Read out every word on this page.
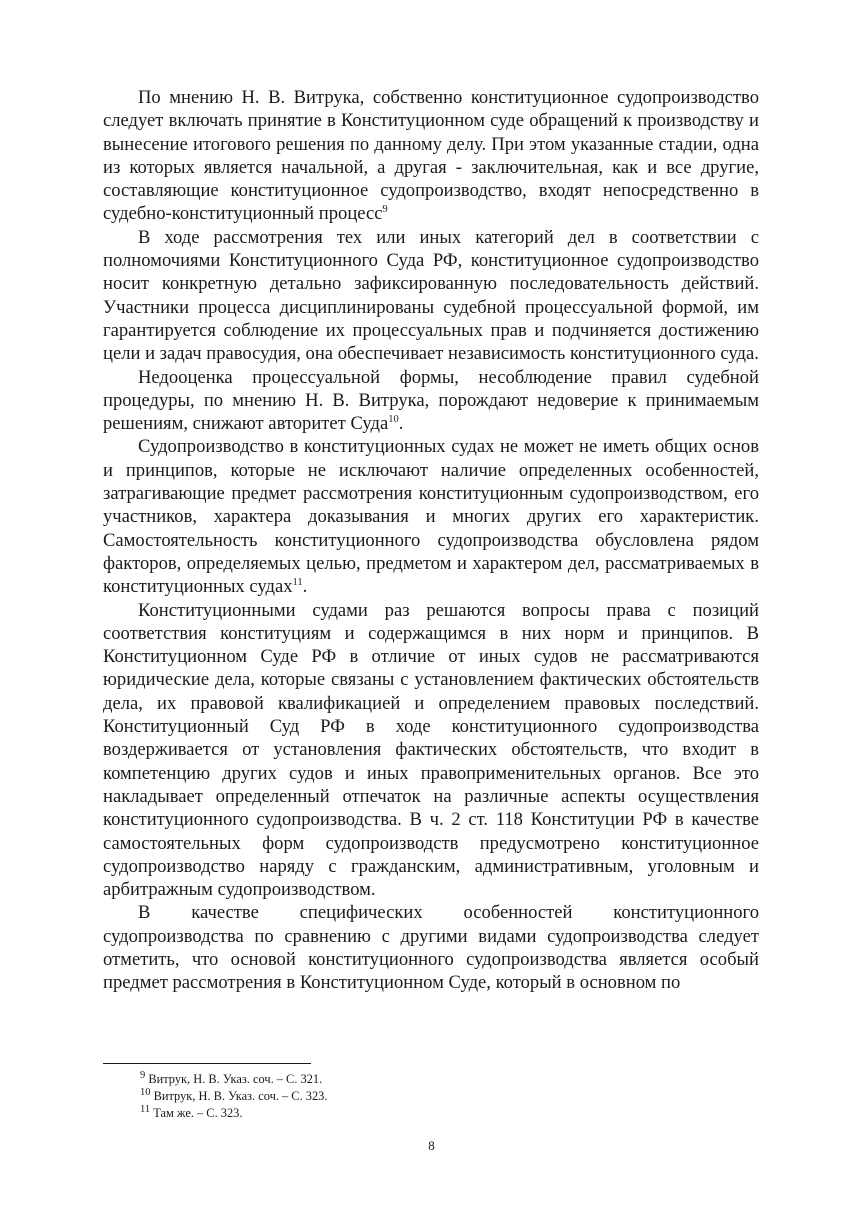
По мнению Н. В. Витрука, собственно конституционное судопроизводство следует включать принятие в Конституционном суде обращений к производству и вынесение итогового решения по данному делу. При этом указанные стадии, одна из которых является начальной, а другая - заключительная, как и все другие, составляющие конституционное судопроизводство, входят непосредственно в судебно-конституционный процесс$^9$

В ходе рассмотрения тех или иных категорий дел в соответствии с полномочиями Конституционного Суда РФ, конституционное судопроизводство носит конкретную детально зафиксированную последовательность действий. Участники процесса дисциплинированы судебной процессуальной формой, им гарантируется соблюдение их процессуальных прав и подчиняется достижению цели и задач правосудия, она обеспечивает независимость конституционного суда.

Недооценка процессуальной формы, несоблюдение правил судебной процедуры, по мнению Н. В. Витрука, порождают недоверие к принимаемым решениям, снижают авторитет Суда$^{10}$.

Судопроизводство в конституционных судах не может не иметь общих основ и принципов, которые не исключают наличие определенных особенностей, затрагивающие предмет рассмотрения конституционным судопроизводством, его участников, характера доказывания и многих других его характеристик. Самостоятельность конституционного судопроизводства обусловлена рядом факторов, определяемых целью, предметом и характером дел, рассматриваемых в конституционных судах$^{11}$.

Конституционными судами раз решаются вопросы права с позиций соответствия конституциям и содержащимся в них норм и принципов. В Конституционном Суде РФ в отличие от иных судов не рассматриваются юридические дела, которые связаны с установлением фактических обстоятельств дела, их правовой квалификацией и определением правовых последствий. Конституционный Суд РФ в ходе конституционного судопроизводства воздерживается от установления фактических обстоятельств, что входит в компетенцию других судов и иных правоприменительных органов. Все это накладывает определенный отпечаток на различные аспекты осуществления конституционного судопроизводства. В ч. 2 ст. 118 Конституции РФ в качестве самостоятельных форм судопроизводств предусмотрено конституционное судопроизводство наряду с гражданским, административным, уголовным и арбитражным судопроизводством.

В качестве специфических особенностей конституционного судопроизводства по сравнению с другими видами судопроизводства следует отметить, что основой конституционного судопроизводства является особый предмет рассмотрения в Конституционном Суде, который в основном по

$^9$ Витрук, Н. В. Указ. соч. – С. 321.

$^{10}$ Витрук, Н. В. Указ. соч. – С. 323.

$^{11}$ Там же. – С. 323.

8
